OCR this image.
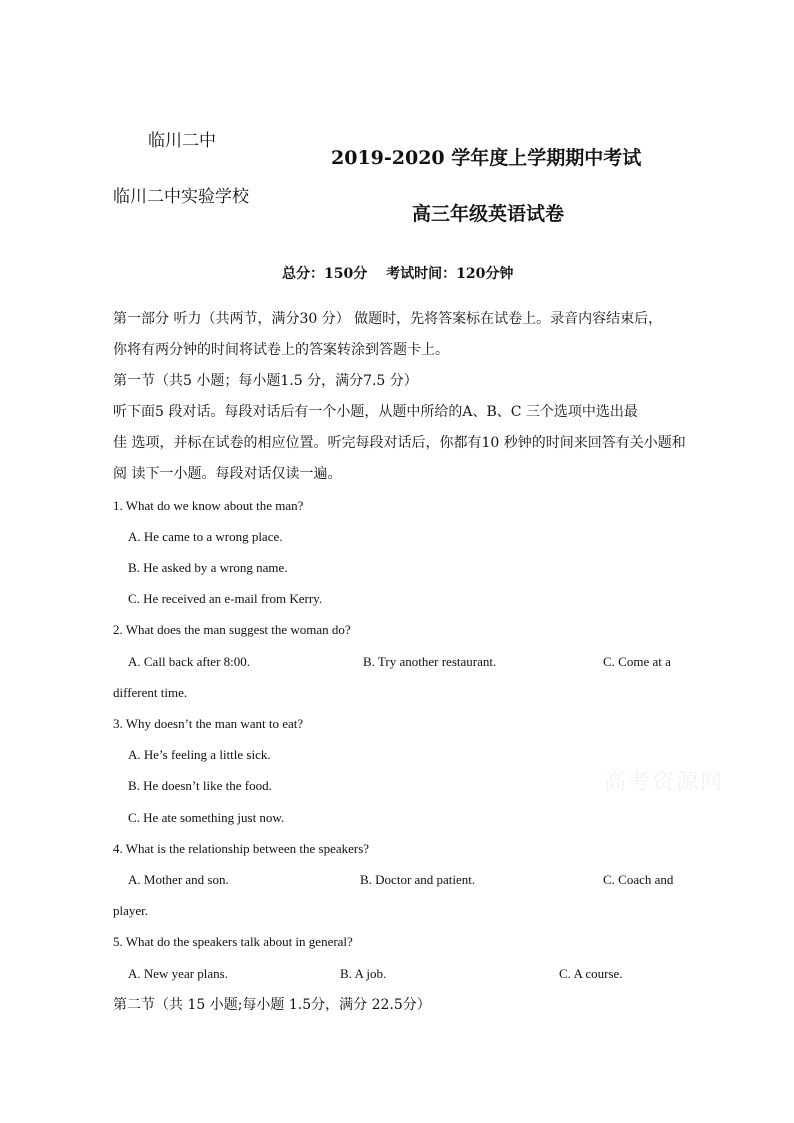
临川二中
临川二中实验学校
2019-2020 学年度上学期期中考试
高三年级英语试卷
总分：150分　 考试时间：120分钟
第一部分 听力（共两节，满分30 分） 做题时，先将答案标在试卷上。录音内容结束后，
你将有两分钟的时间将试卷上的答案转涂到答题卡上。
第一节（共5 小题；每小题1.5 分，满分7.5 分）
听下面5 段对话。每段对话后有一个小题，从题中所给的A、B、C 三个选项中选出最
佳 选项，并标在试卷的相应位置。听完每段对话后，你都有10 秒钟的时间来回答有关小题和
阅 读下一小题。每段对话仅读一遍。
1. What do we know about the man?
A. He came to a wrong place.
B. He asked by a wrong name.
C. He received an e-mail from Kerry.
2. What does the man suggest the woman do?
A. Call back after 8:00.	B. Try another restaurant.	C. Come at a
different time.
3. Why doesn’t the man want to eat?
A. He’s feeling a little sick.
B. He doesn’t like the food.
C. He ate something just now.
4. What is the relationship between the speakers?
A. Mother and son.	B. Doctor and patient.	C. Coach and
player.
5. What do the speakers talk about in general?
A. New year plans.	B. A job.	C. A course.
第二节（共 15 小题;每小题 1.5分，满分 22.5分）
高考资源网
